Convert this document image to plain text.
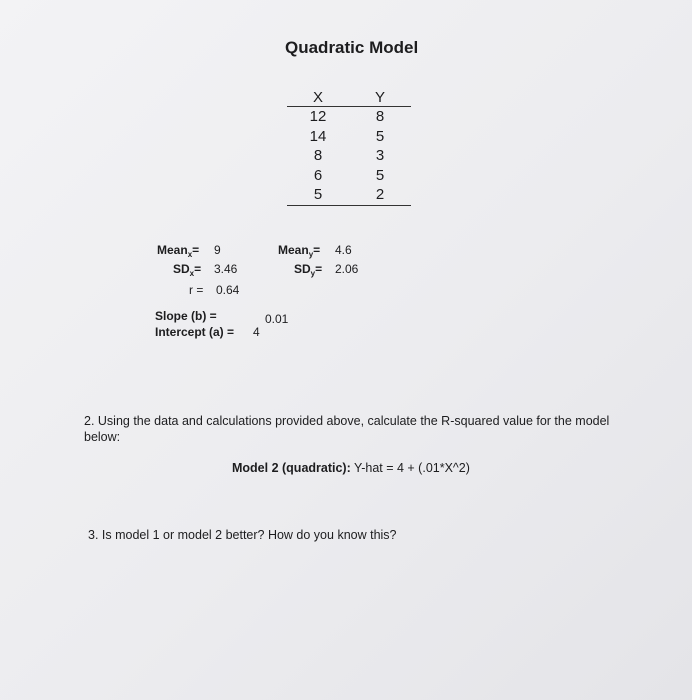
Quadratic Model
X	Y
12	8
14	5
8	3
6	5
5	2
Mean$_x$= 9
$SD_x= 3.46$
r = 0.64
Mean$_y$= 4.6
$SD_y= 2.06$
Slope (b) =	0.01
Intercept (a) = 4
2. Using the data and calculations provided above, calculate the R-squared value for the model
below:
Model 2 (quadratic): Y-hat = 4 + (.01*X^2)
3. Is model 1 or model 2 better? How do you know this?
